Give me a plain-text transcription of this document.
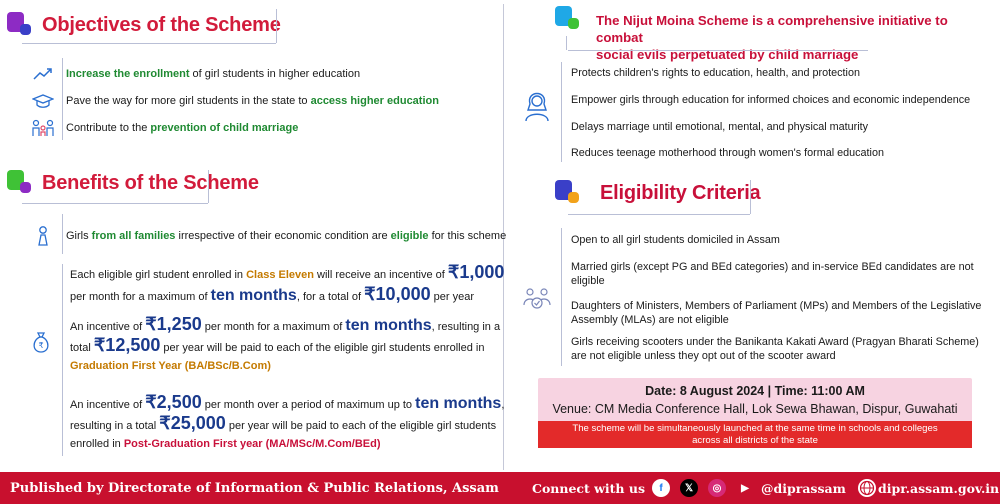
Objectives of the Scheme
Increase the enrollment of girl students in higher education
Pave the way for more girl students in the state to access higher education
Contribute to the prevention of child marriage
Benefits of the Scheme
Girls from all families irrespective of their economic condition are eligible for this scheme
₹
Each eligible girl student enrolled in Class Eleven will receive an incentive of ₹1,000
per month for a maximum of ten months, for a total of ₹10,000 per year
An incentive of ₹1,250 per month for a maximum of ten months, resulting in a
total ₹12,500 per year will be paid to each of the eligible girl students enrolled in
Graduation First Year (BA/BSc/B.Com)
An incentive of ₹2,500 per month over a period of maximum up to ten months,
resulting in a total ₹25,000 per year will be paid to each of the eligible girl students
enrolled in Post-Graduation First year (MA/MSc/M.Com/BEd)
The Nijut Moina Scheme is a comprehensive initiative to combat
social evils perpetuated by child marriage
Protects children's rights to education, health, and protection
Empower girls through education for informed choices and economic independence
Delays marriage until emotional, mental, and physical maturity
Reduces teenage motherhood through women's formal education
Eligibility Criteria
Open to all girl students domiciled in Assam
Married girls (except PG and BEd categories) and in-service BEd candidates are not
eligible
Daughters of Ministers, Members of Parliament (MPs) and Members of the Legislative
Assembly (MLAs) are not eligible
Girls receiving scooters under the Banikanta Kakati Award (Pragyan Bharati Scheme)
are not eligible unless they opt out of the scooter award
Date: 8 August 2024 | Time: 11:00 AM
Venue: CM Media Conference Hall, Lok Sewa Bhawan, Dispur, Guwahati
The scheme will be simultaneously launched at the same time in schools and colleges
across all districts of the state
Published by Directorate of Information & Public Relations, Assam	Connect with us	f	𝕏	◎	▶ @diprassam	dipr.assam.gov.in
